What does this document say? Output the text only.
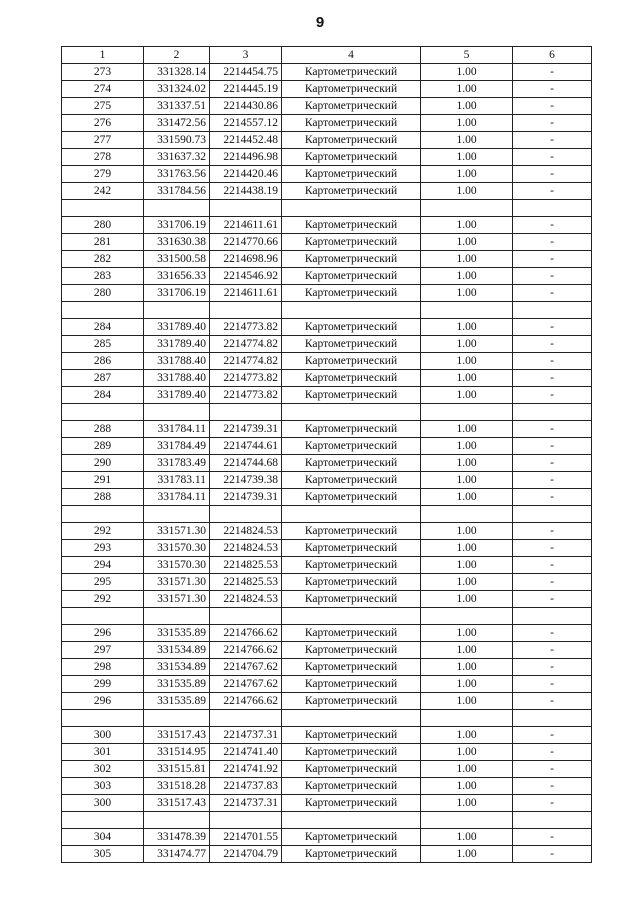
9
1	2	3	4	5	6
273	331328.14	2214454.75	Картометрический	1.00	-
274	331324.02	2214445.19	Картометрический	1.00	-
275	331337.51	2214430.86	Картометрический	1.00	-
276	331472.56	2214557.12	Картометрический	1.00	-
277	331590.73	2214452.48	Картометрический	1.00	-
278	331637.32	2214496.98	Картометрический	1.00	-
279	331763.56	2214420.46	Картометрический	1.00	-
242	331784.56	2214438.19	Картометрический	1.00	-

280	331706.19	2214611.61	Картометрический	1.00	-
281	331630.38	2214770.66	Картометрический	1.00	-
282	331500.58	2214698.96	Картометрический	1.00	-
283	331656.33	2214546.92	Картометрический	1.00	-
280	331706.19	2214611.61	Картометрический	1.00	-

284	331789.40	2214773.82	Картометрический	1.00	-
285	331789.40	2214774.82	Картометрический	1.00	-
286	331788.40	2214774.82	Картометрический	1.00	-
287	331788.40	2214773.82	Картометрический	1.00	-
284	331789.40	2214773.82	Картометрический	1.00	-

288	331784.11	2214739.31	Картометрический	1.00	-
289	331784.49	2214744.61	Картометрический	1.00	-
290	331783.49	2214744.68	Картометрический	1.00	-
291	331783.11	2214739.38	Картометрический	1.00	-
288	331784.11	2214739.31	Картометрический	1.00	-

292	331571.30	2214824.53	Картометрический	1.00	-
293	331570.30	2214824.53	Картометрический	1.00	-
294	331570.30	2214825.53	Картометрический	1.00	-
295	331571.30	2214825.53	Картометрический	1.00	-
292	331571.30	2214824.53	Картометрический	1.00	-

296	331535.89	2214766.62	Картометрический	1.00	-
297	331534.89	2214766.62	Картометрический	1.00	-
298	331534.89	2214767.62	Картометрический	1.00	-
299	331535.89	2214767.62	Картометрический	1.00	-
296	331535.89	2214766.62	Картометрический	1.00	-

300	331517.43	2214737.31	Картометрический	1.00	-
301	331514.95	2214741.40	Картометрический	1.00	-
302	331515.81	2214741.92	Картометрический	1.00	-
303	331518.28	2214737.83	Картометрический	1.00	-
300	331517.43	2214737.31	Картометрический	1.00	-

304	331478.39	2214701.55	Картометрический	1.00	-
305	331474.77	2214704.79	Картометрический	1.00	-
